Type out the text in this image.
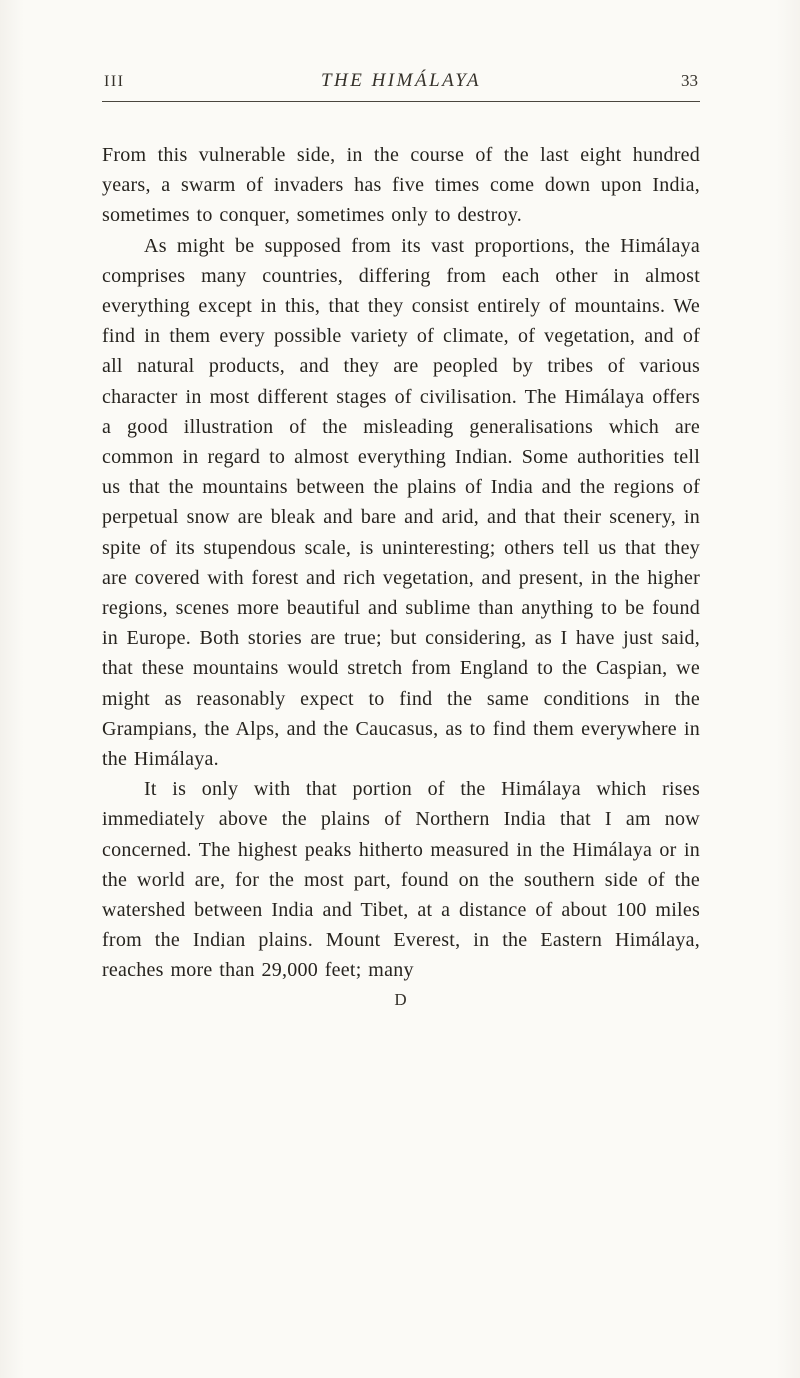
III	THE HIMÁLAYA	33

From this vulnerable side, in the course of the last eight hundred years, a swarm of invaders has five times come down upon India, sometimes to conquer, sometimes only to destroy.

As might be supposed from its vast proportions, the Himálaya comprises many countries, differing from each other in almost everything except in this, that they consist entirely of mountains. We find in them every possible variety of climate, of vegetation, and of all natural products, and they are peopled by tribes of various character in most different stages of civilisation. The Himálaya offers a good illustration of the misleading generalisations which are common in regard to almost everything Indian. Some authorities tell us that the mountains between the plains of India and the regions of perpetual snow are bleak and bare and arid, and that their scenery, in spite of its stupendous scale, is uninteresting; others tell us that they are covered with forest and rich vegetation, and present, in the higher regions, scenes more beautiful and sublime than anything to be found in Europe. Both stories are true; but considering, as I have just said, that these mountains would stretch from England to the Caspian, we might as reasonably expect to find the same conditions in the Grampians, the Alps, and the Caucasus, as to find them everywhere in the Himálaya.

It is only with that portion of the Himálaya which rises immediately above the plains of Northern India that I am now concerned. The highest peaks hitherto measured in the Himálaya or in the world are, for the most part, found on the southern side of the watershed between India and Tibet, at a distance of about 100 miles from the Indian plains. Mount Everest, in the Eastern Himálaya, reaches more than 29,000 feet; many

D
